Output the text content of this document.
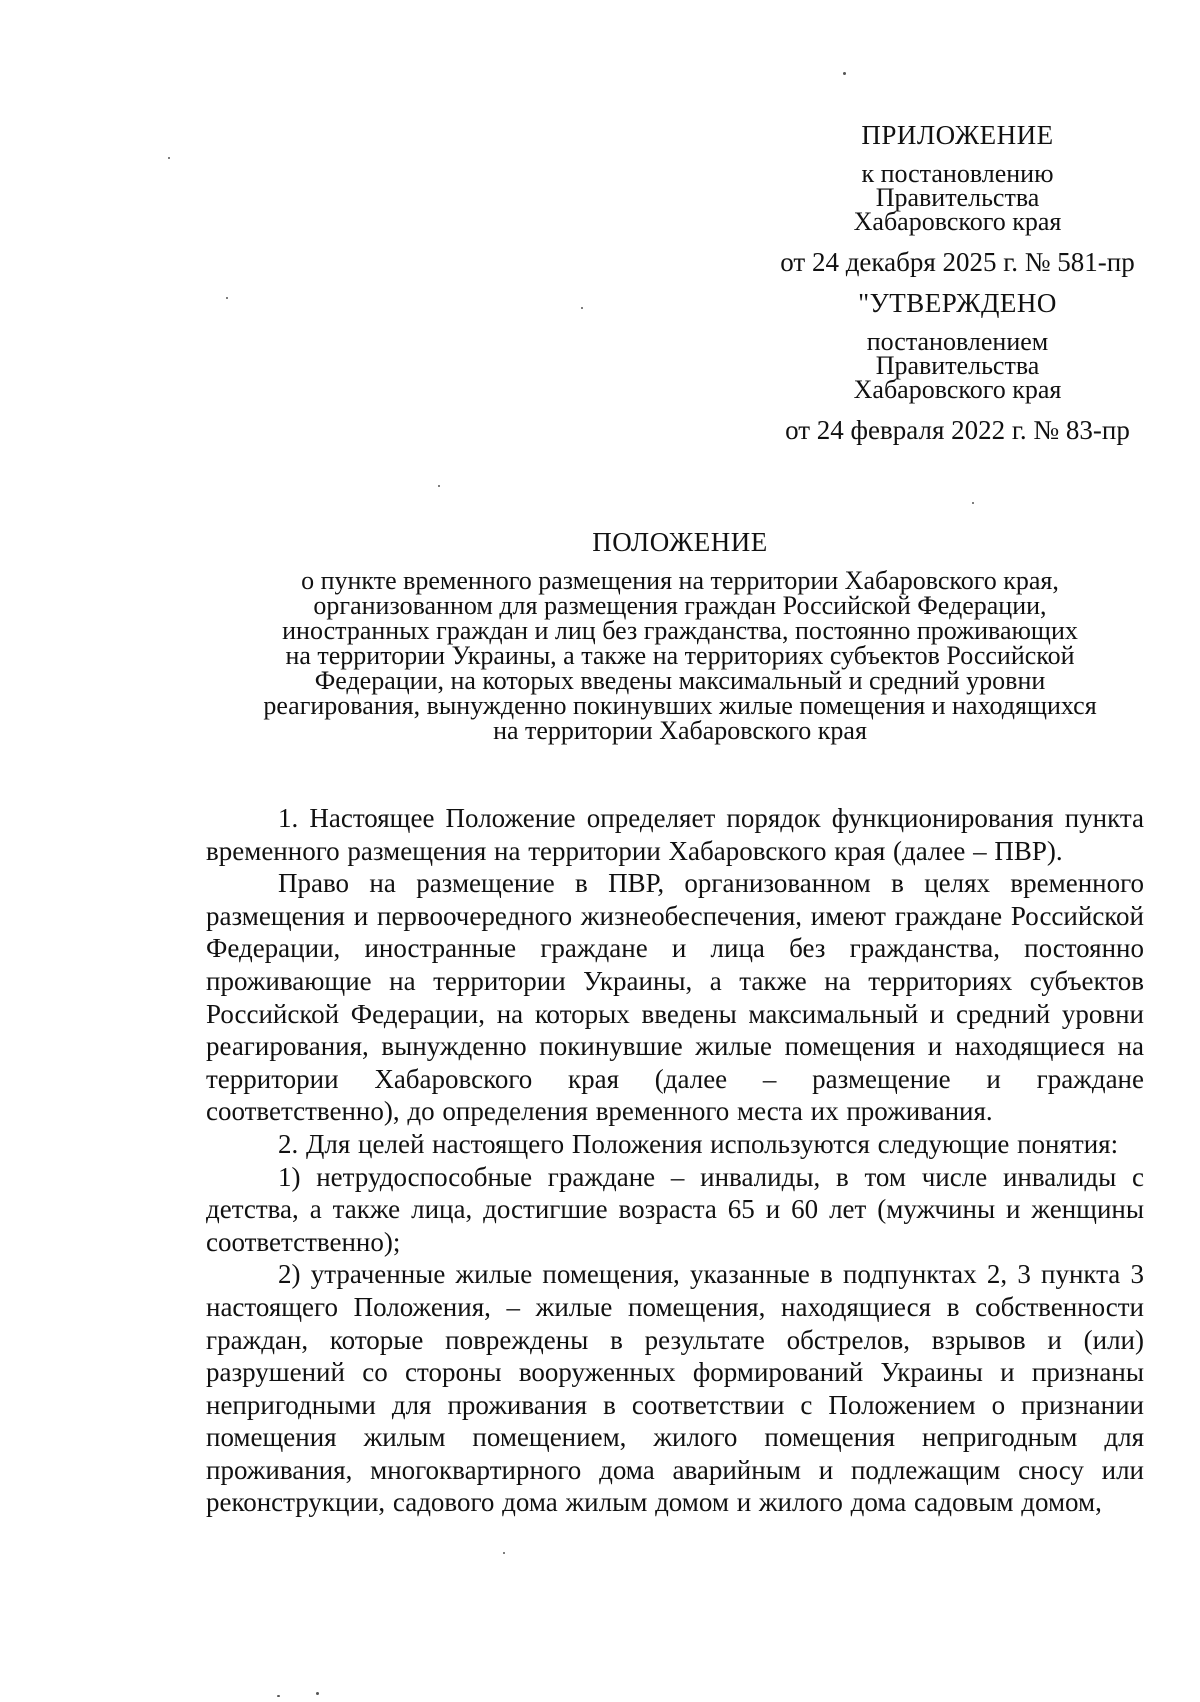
ПРИЛОЖЕНИЕ
к постановлению
Правительства
Хабаровского края
от 24 декабря 2025 г. № 581-пр
"УТВЕРЖДЕНО
постановлением
Правительства
Хабаровского края
от 24 февраля 2022 г. № 83-пр
ПОЛОЖЕНИЕ
о пункте временного размещения на территории Хабаровского края,
организованном для размещения граждан Российской Федерации,
иностранных граждан и лиц без гражданства, постоянно проживающих
на территории Украины, а также на территориях субъектов Российской
Федерации, на которых введены максимальный и средний уровни
реагирования, вынужденно покинувших жилые помещения и находящихся
на территории Хабаровского края

1. Настоящее Положение определяет порядок функционирования пункта временного размещения на территории Хабаровского края (далее – ПВР).

Право на размещение в ПВР, организованном в целях временного размещения и первоочередного жизнеобеспечения, имеют граждане Российской Федерации, иностранные граждане и лица без гражданства, постоянно проживающие на территории Украины, а также на территориях субъектов Российской Федерации, на которых введены максимальный и средний уровни реагирования, вынужденно покинувшие жилые помещения и находящиеся на территории Хабаровского края (далее – размещение и граждане соответственно), до определения временного места их проживания.

2. Для целей настоящего Положения используются следующие понятия:

1) нетрудоспособные граждане – инвалиды, в том числе инвалиды с детства, а также лица, достигшие возраста 65 и 60 лет (мужчины и женщины соответственно);

2) утраченные жилые помещения, указанные в подпунктах 2, 3 пункта 3 настоящего Положения, – жилые помещения, находящиеся в собственности граждан, которые повреждены в результате обстрелов, взрывов и (или) разрушений со стороны вооруженных формирований Украины и признаны непригодными для проживания в соответствии с Положением о признании помещения жилым помещением, жилого помещения непригодным для проживания, многоквартирного дома аварийным и подлежащим сносу или реконструкции, садового дома жилым домом и жилого дома садовым домом,
